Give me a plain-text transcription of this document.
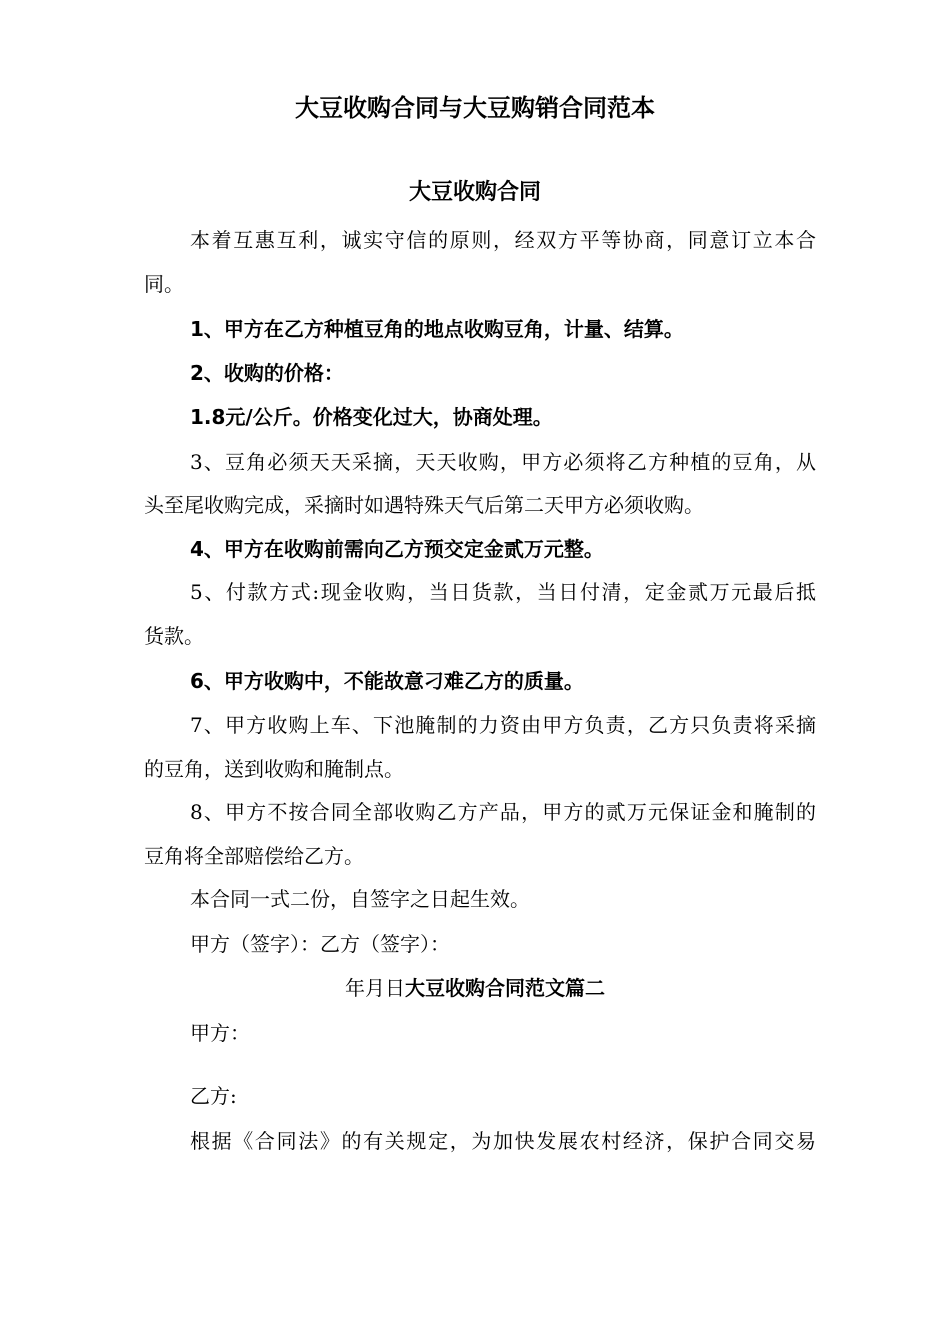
大豆收购合同与大豆购销合同范本
大豆收购合同
本着互惠互利，诚实守信的原则，经双方平等协商，同意订立本合
同。
1、甲方在乙方种植豆角的地点收购豆角，计量、结算。
2、收购的价格：
1.8元/公斤。价格变化过大，协商处理。
3、豆角必须天天采摘，天天收购，甲方必须将乙方种植的豆角，从
头至尾收购完成，采摘时如遇特殊天气后第二天甲方必须收购。
4、甲方在收购前需向乙方预交定金贰万元整。
5、付款方式:现金收购，当日货款，当日付清，定金贰万元最后抵
货款。
6、甲方收购中，不能故意刁难乙方的质量。
7、甲方收购上车、下池腌制的力资由甲方负责，乙方只负责将采摘
的豆角，送到收购和腌制点。
8、甲方不按合同全部收购乙方产品，甲方的贰万元保证金和腌制的
豆角将全部赔偿给乙方。
本合同一式二份，自签字之日起生效。
甲方（签字）：乙方（签字）：
年月日大豆收购合同范文篇二
甲方：
乙方:
根据《合同法》的有关规定，为加快发展农村经济，保护合同交易
